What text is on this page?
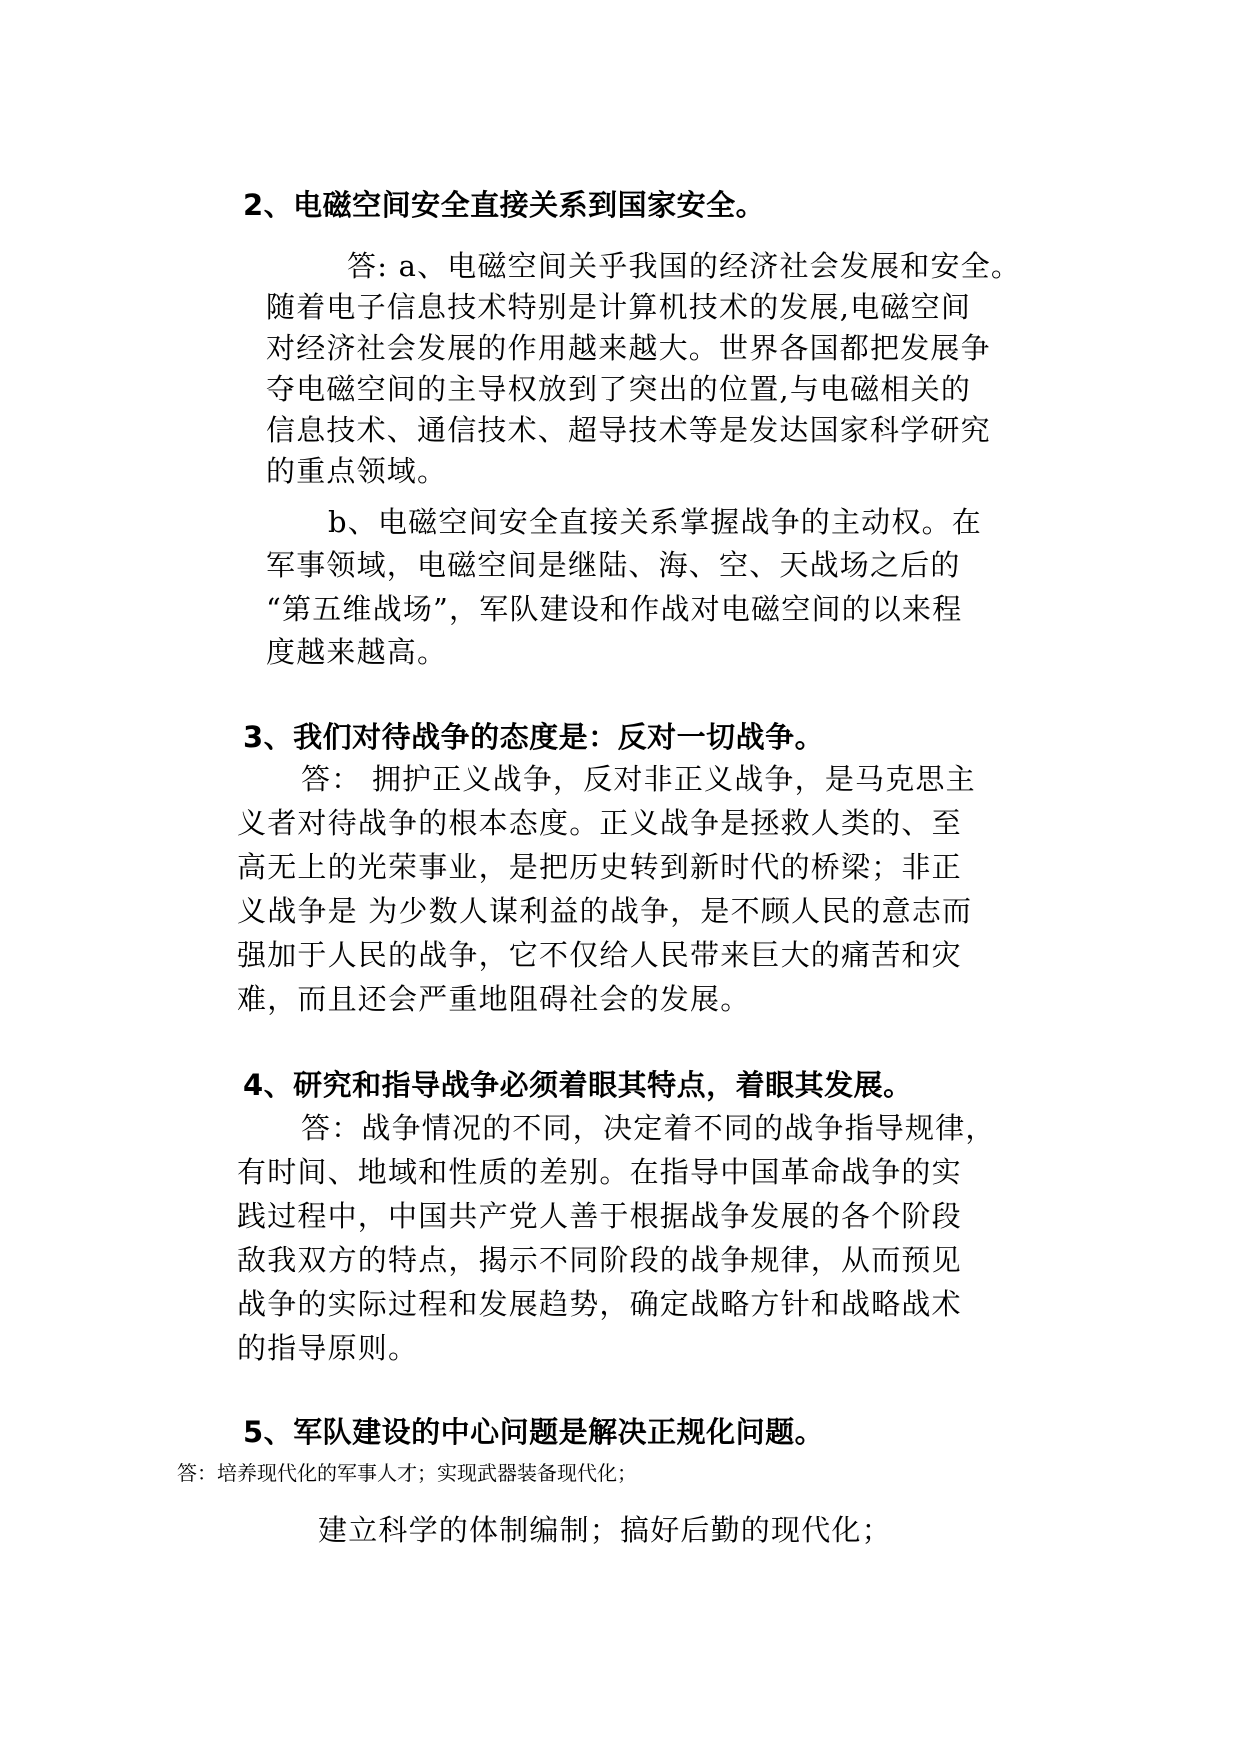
2、电磁空间安全直接关系到国家安全。
答: a、电磁空间关乎我国的经济社会发展和安全。
随着电子信息技术特别是计算机技术的发展,电磁空间
对经济社会发展的作用越来越大。世界各国都把发展争
夺电磁空间的主导权放到了突出的位置,与电磁相关的
信息技术、通信技术、超导技术等是发达国家科学研究
的重点领域。
b、电磁空间安全直接关系掌握战争的主动权。在
军事领域，电磁空间是继陆、海、空、天战场之后的
“第五维战场”，军队建设和作战对电磁空间的以来程
度越来越高。
3、我们对待战争的态度是：反对一切战争。
答： 拥护正义战争，反对非正义战争，是马克思主
义者对待战争的根本态度。正义战争是拯救人类的、至
高无上的光荣事业，是把历史转到新时代的桥梁；非正
义战争是 为少数人谋利益的战争，是不顾人民的意志而
强加于人民的战争，它不仅给人民带来巨大的痛苦和灾
难，而且还会严重地阻碍社会的发展。
4、研究和指导战争必须着眼其特点，着眼其发展。
答：战争情况的不同，决定着不同的战争指导规律，
有时间、地域和性质的差别。在指导中国革命战争的实
践过程中，中国共产党人善于根据战争发展的各个阶段
敌我双方的特点，揭示不同阶段的战争规律，从而预见
战争的实际过程和发展趋势，确定战略方针和战略战术
的指导原则。
5、军队建设的中心问题是解决正规化问题。
答：培养现代化的军事人才；实现武器装备现代化；
建立科学的体制编制；搞好后勤的现代化；
